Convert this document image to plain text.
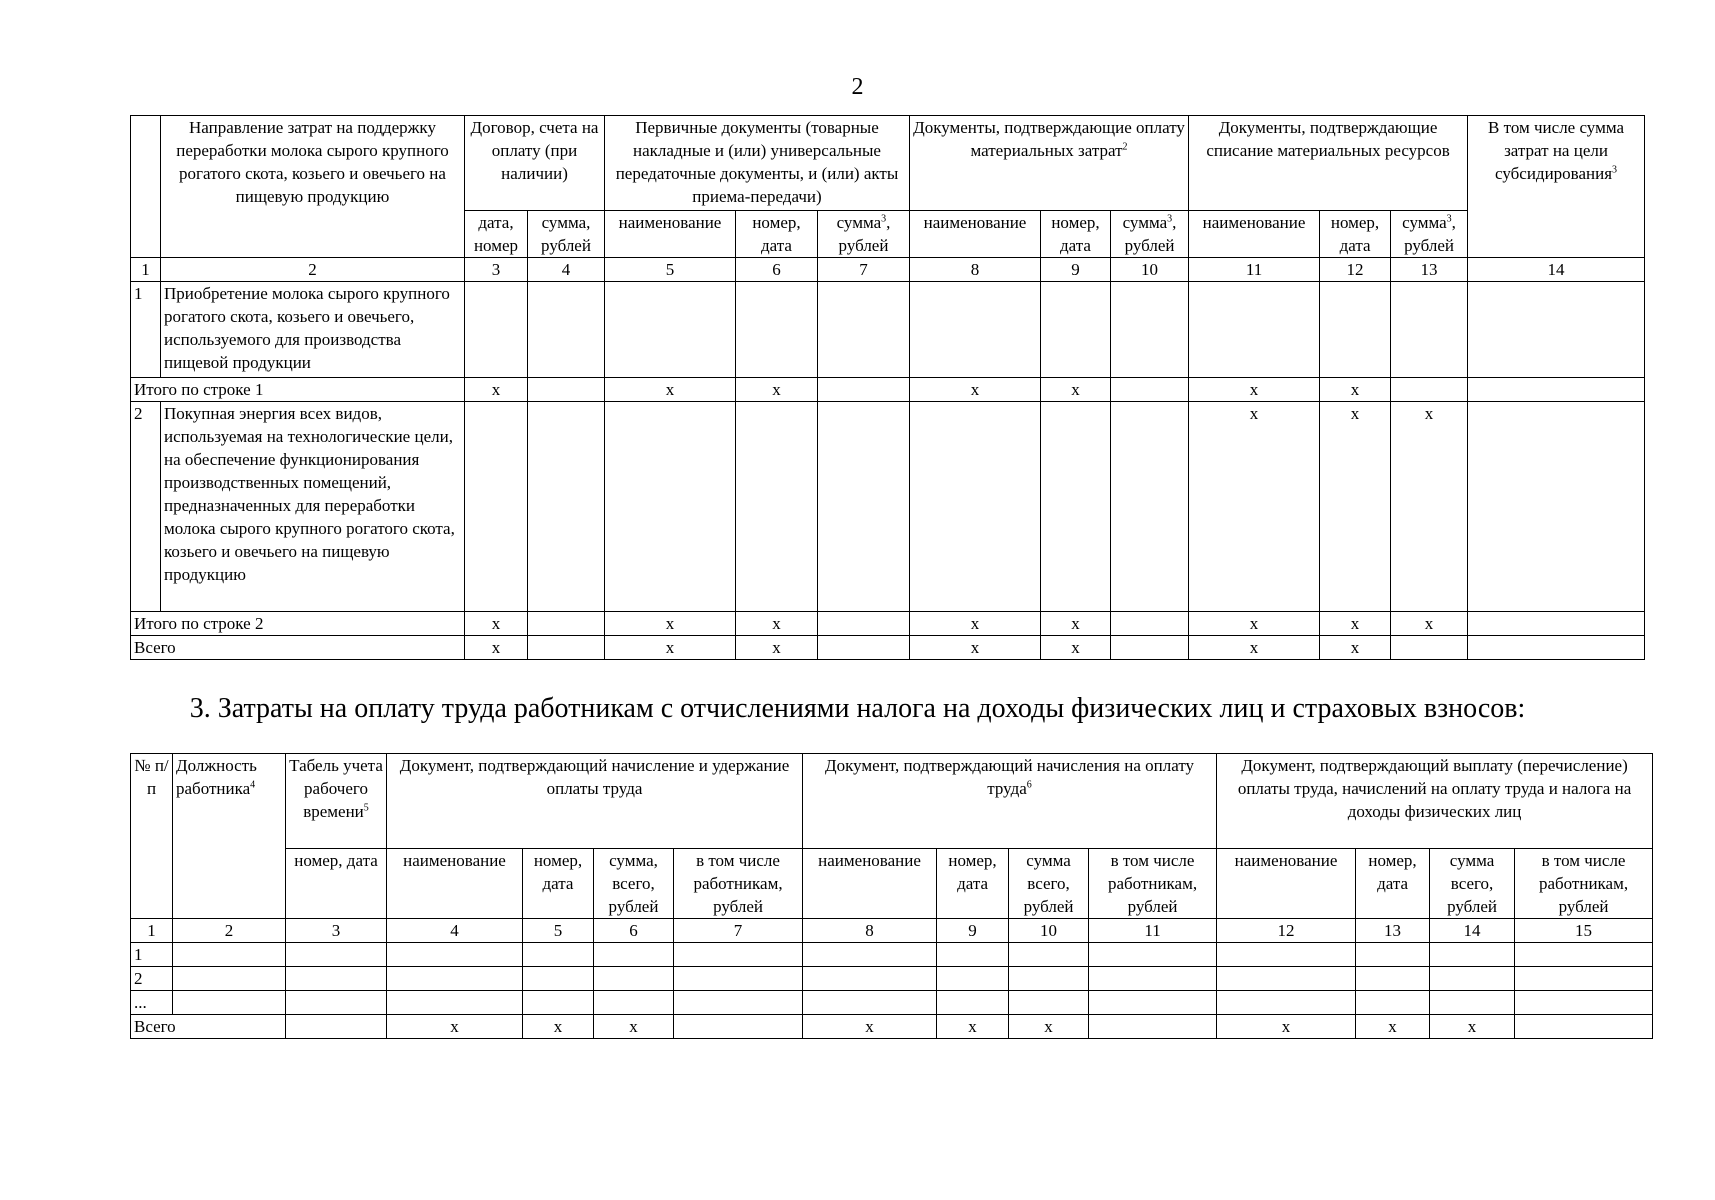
2
	Направление затрат на поддержку переработки молока сырого крупного рогатого скота, козьего и овечьего на пищевую продукцию	Договор, счета на оплату (при наличии)		Первичные документы (товарные накладные и (или) универсальные передаточные документы, и (или) акты приема-передачи)			Документы, подтверждающие оплату материальных затрат$^2$			Документы, подтверждающие списание материальных ресурсов			В том числе сумма затрат на цели субсидирования$^3$
		дата, номер	сумма, рублей	наименование	номер, дата	сумма$^3$, рублей	наименование	номер, дата	сумма$^3$, рублей	наименование	номер, дата	сумма$^3$, рублей	
1	2	3	4	5	6	7	8	9	10	11	12	13	14
1	Приобретение молока сырого крупного рогатого скота, козьего и овечьего, используемого для производства пищевой продукции												
Итого по строке 1		x		x	x		x	x		x	x		
2	Покупная энергия всех видов, используемая на технологические цели, на обеспечение функционирования производственных помещений, предназначенных для переработки молока сырого крупного рогатого скота, козьего и овечьего на пищевую продукцию									x	x	x	
Итого по строке 2		x		x	x		x	x		x	x	x	
Всего		x		x	x		x	x		x	x		
3. Затраты на оплату труда работникам с отчислениями налога на доходы физических лиц и страховых взносов:
№ п/п	Должность работника$^4$	Табель учета рабочего времени$^5$	Документ, подтверждающий начисление и удержание оплаты труда				Документ, подтверждающий начисления на оплату труда$^6$				Документ, подтверждающий выплату (перечисление) оплаты труда, начислений на оплату труда и налога на доходы физических лиц			
		номер, дата	наименование	номер, дата	сумма, всего, рублей	в том числе работникам, рублей	наименование	номер, дата	сумма всего, рублей	в том числе работникам, рублей	наименование	номер, дата	сумма всего, рублей	в том числе работникам, рублей
1	2	3	4	5	6	7	8	9	10	11	12	13	14	15
1														
2														
...														
Всего			x	x	x		x	x	x		x	x	x	
